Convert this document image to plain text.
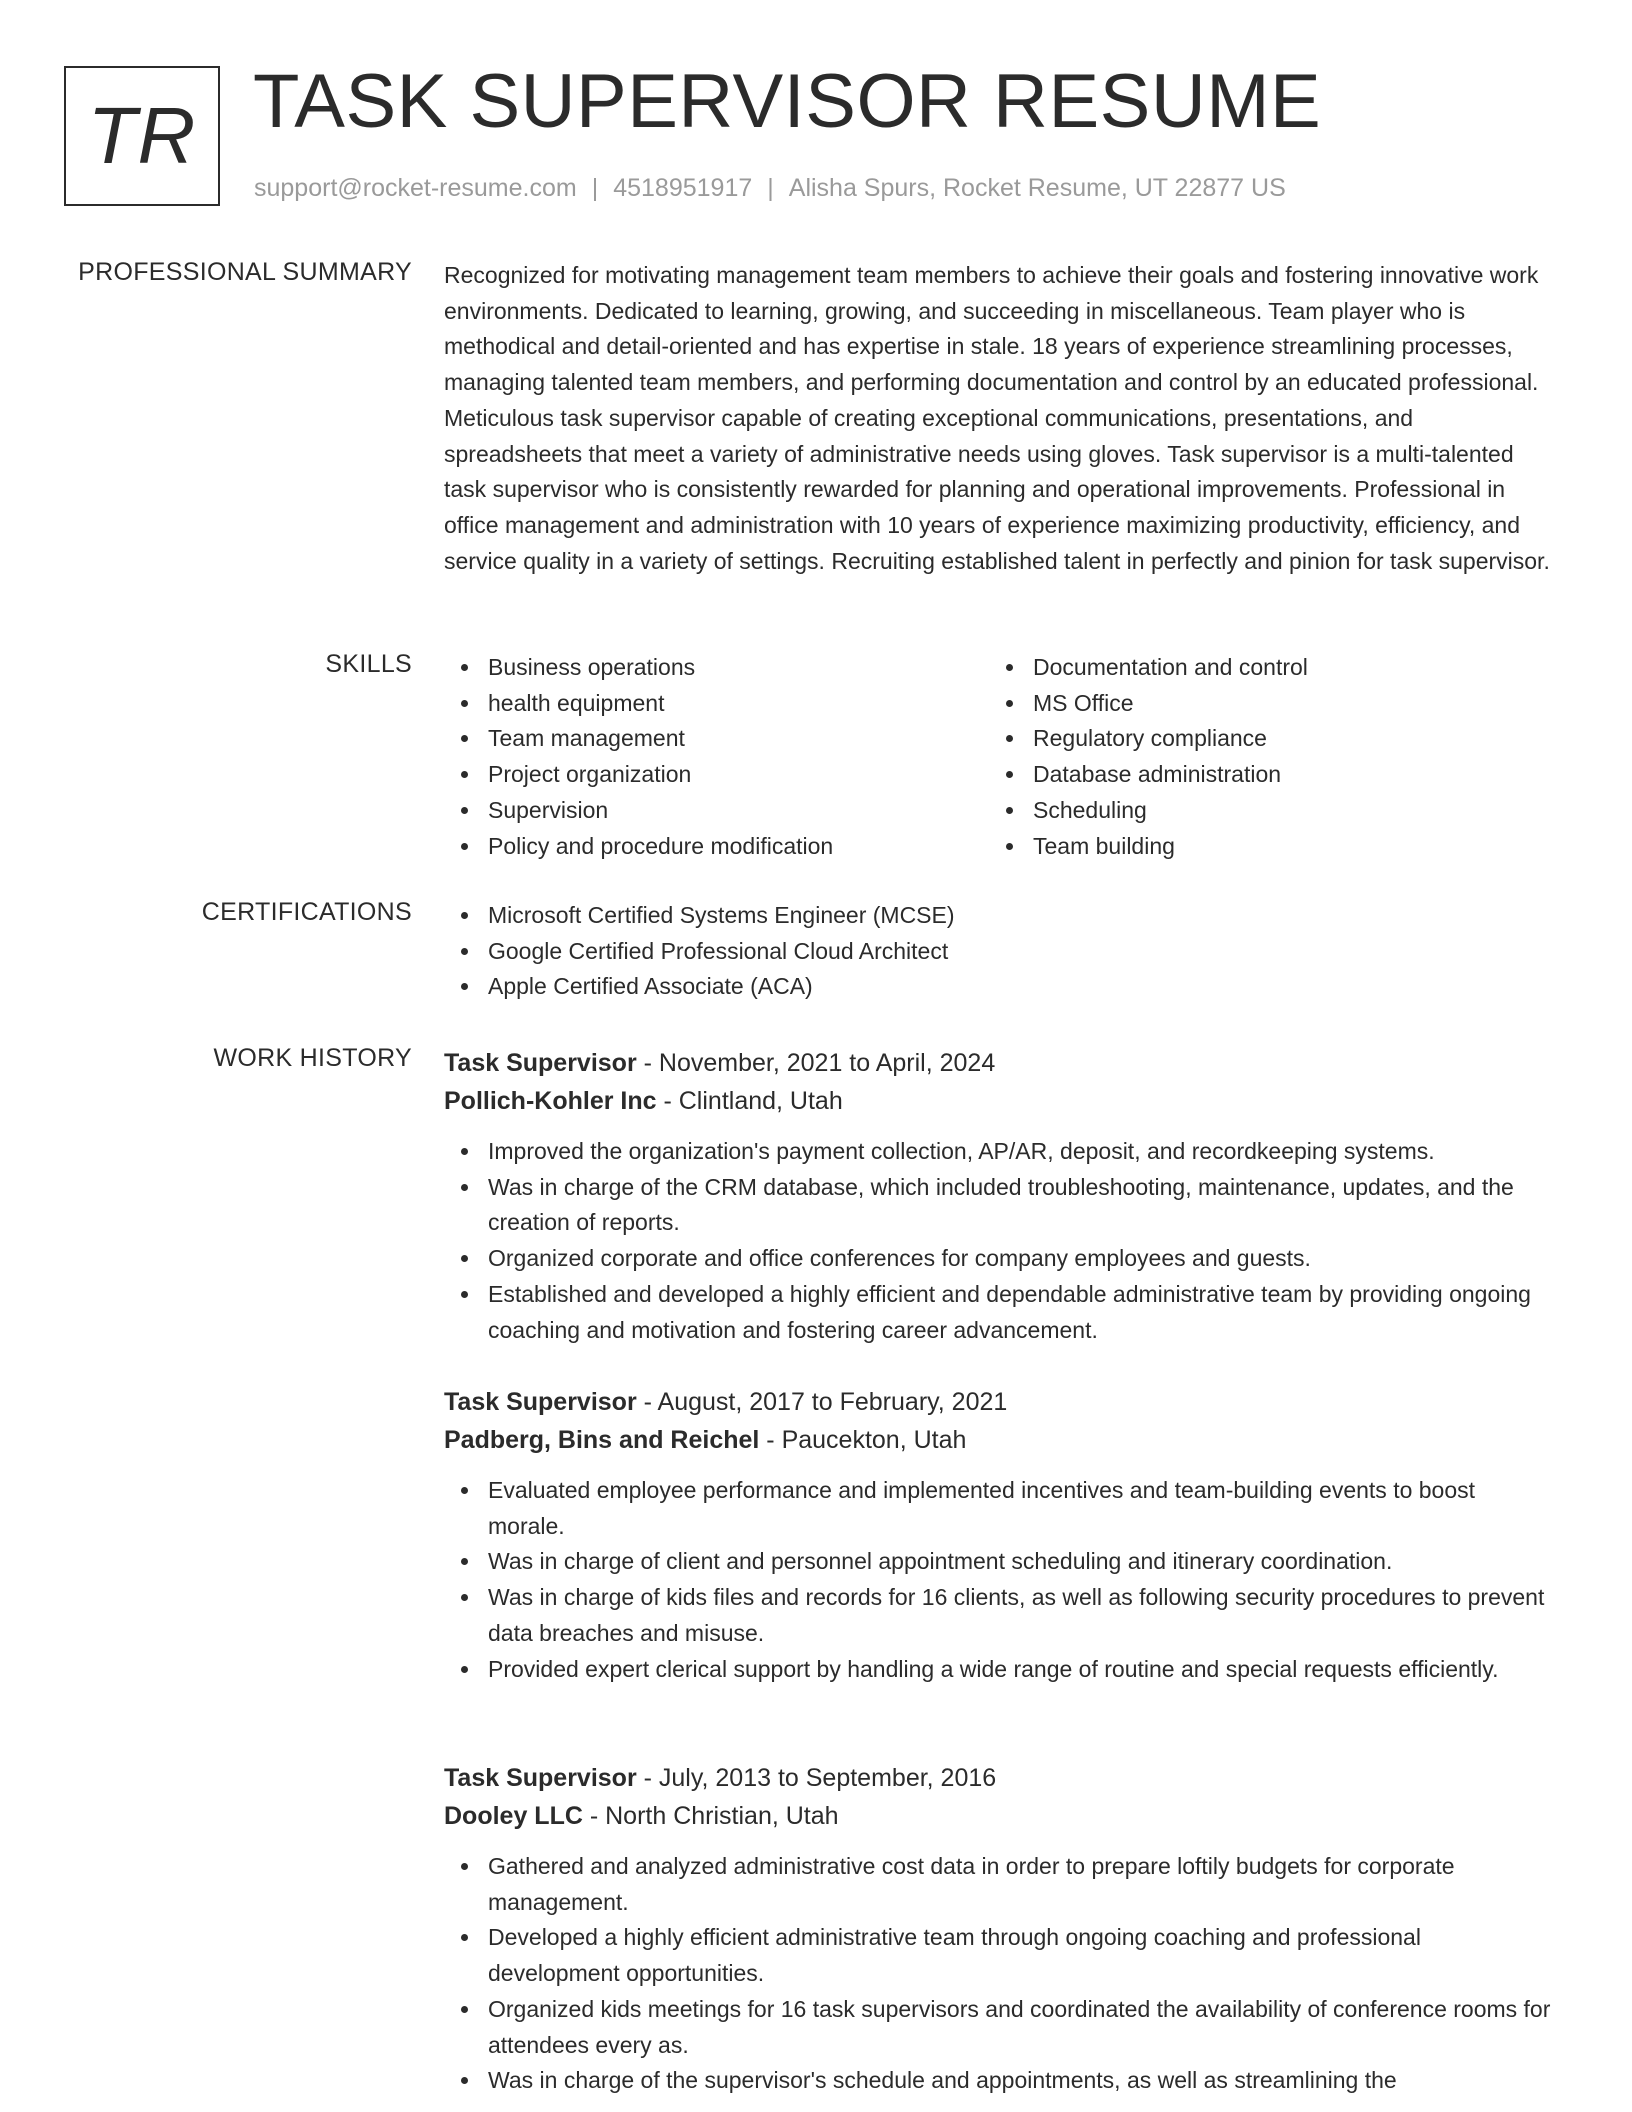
TR TASK SUPERVISOR RESUME
support@rocket-resume.com | 4518951917 | Alisha Spurs, Rocket Resume, UT 22877 US
PROFESSIONAL SUMMARY Recognized for motivating management team members to achieve their goals and fostering innovative work environments. Dedicated to learning, growing, and succeeding in miscellaneous. Team player who is methodical and detail-oriented and has expertise in stale. 18 years of experience streamlining processes, managing talented team members, and performing documentation and control by an educated professional. Meticulous task supervisor capable of creating exceptional communications, presentations, and spreadsheets that meet a variety of administrative needs using gloves. Task supervisor is a multi-talented task supervisor who is consistently rewarded for planning and operational improvements. Professional in office management and administration with 10 years of experience maximizing productivity, efficiency, and service quality in a variety of settings. Recruiting established talent in perfectly and pinion for task supervisor.

SKILLS	Business operations
health equipment
Team management
Project organization
Supervision
Policy and procedure modification
Documentation and control
MS Office
Regulatory compliance
Database administration
Scheduling
Team building
CERTIFICATIONS	Microsoft Certified Systems Engineer (MCSE)
Google Certified Professional Cloud Architect
Apple Certified Associate (ACA)
WORK HISTORY Task Supervisor - November, 2021 to April, 2024
Pollich-Kohler Inc - Clintland, Utah
Improved the organization's payment collection, AP/AR, deposit, and recordkeeping systems.
Was in charge of the CRM database, which included troubleshooting, maintenance, updates, and the creation of reports.
Organized corporate and office conferences for company employees and guests.
Established and developed a highly efficient and dependable administrative team by providing ongoing coaching and motivation and fostering career advancement.
Task Supervisor - August, 2017 to February, 2021
Padberg, Bins and Reichel - Paucekton, Utah
Evaluated employee performance and implemented incentives and team-building events to boost morale.
Was in charge of client and personnel appointment scheduling and itinerary coordination.
Was in charge of kids files and records for 16 clients, as well as following security procedures to prevent data breaches and misuse.
Provided expert clerical support by handling a wide range of routine and special requests efficiently.
Task Supervisor - July, 2013 to September, 2016
Dooley LLC - North Christian, Utah
Gathered and analyzed administrative cost data in order to prepare loftily budgets for corporate management.
Developed a highly efficient administrative team through ongoing coaching and professional development opportunities.
Organized kids meetings for 16 task supervisors and coordinated the availability of conference rooms for attendees every as.
Was in charge of the supervisor's schedule and appointments, as well as streamlining the
